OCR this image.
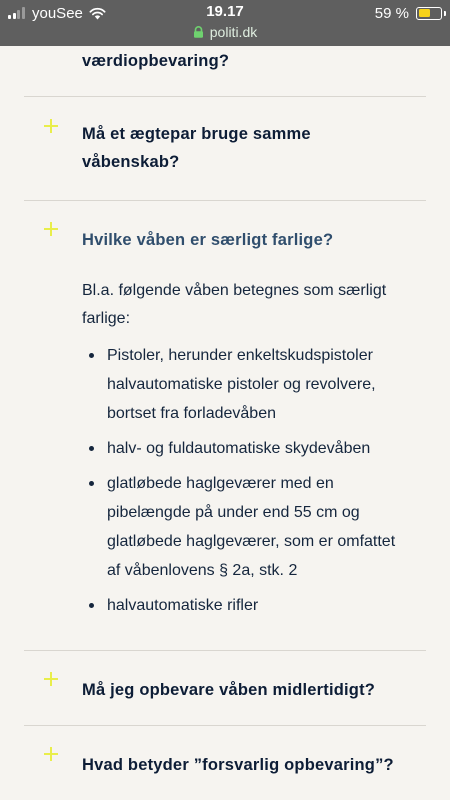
youSee	19.17	59 %
politi.dk
værdiopbevaring?
Må et ægtepar bruge samme våbenskab?
Hvilke våben er særligt farlige?

Bl.a. følgende våben betegnes som særligt farlige:

Pistoler, herunder enkeltskudspistoler halvautomatiske pistoler og revolvere, bortset fra forladevåben
halv- og fuldautomatiske skydevåben
glatløbede haglgeværer med en pibelængde på under end 55 cm og glatløbede haglgeværer, som er omfattet af våbenlovens § 2a, stk. 2
halvautomatiske rifler
Må jeg opbevare våben midlertidigt?
Hvad betyder ”forsvarlig opbevaring”?
